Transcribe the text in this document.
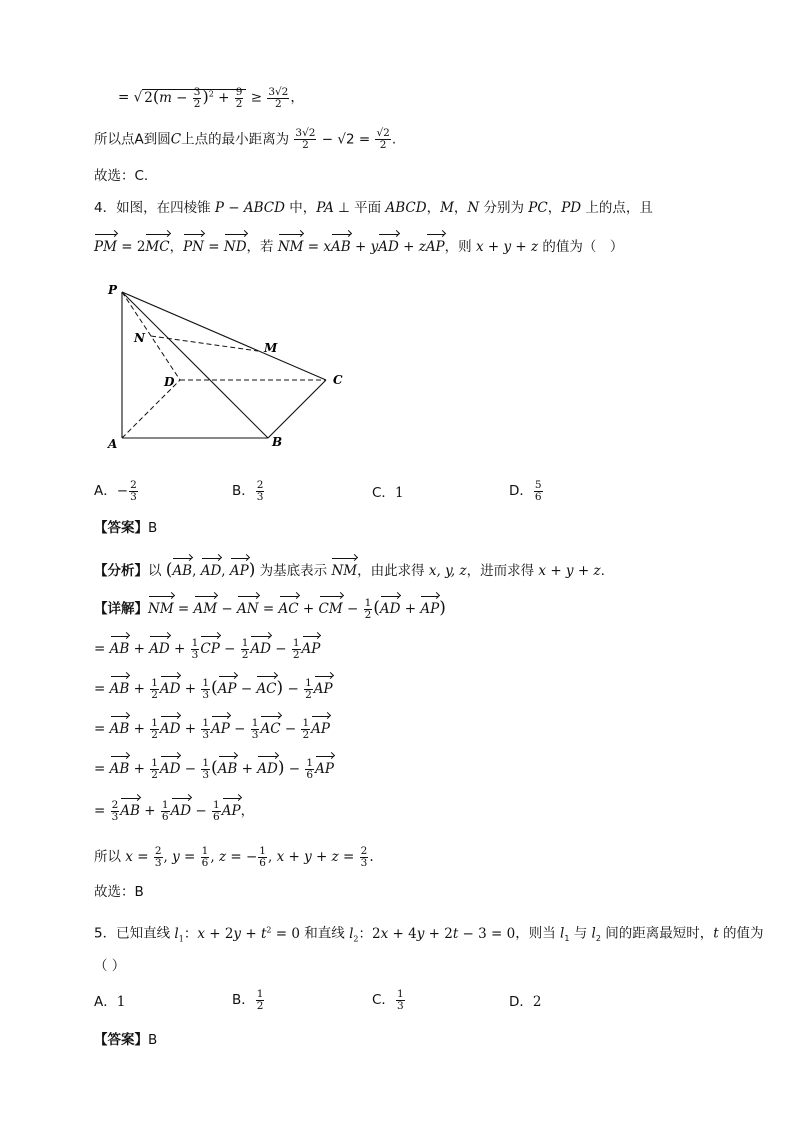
= √ $2(m - \frac{3}{2} )^2 + \frac{9}{2} \ge \frac{3√2}{2}$ ，
所以点A到圆C上点的最小距离为 $\frac{3√2}{2} - √2 = \frac{√2}{2}$ .
故选：C.
4．如图，在四棱锥 P − ABCD 中，PA ⊥ 平面 ABCD，M，N 分别为 PC，PD 上的点，且
PM = 2MC，PN = ND，若 NM = xAB + yAD + zAP，则 x + y + z 的值为（　）
P
N
M
D	C
A	B
A．− $\frac{2}{3}$	B． $\frac{2}{3}$	C．1	D． $\frac{5}{6}$
【答案】B
【分析】以 (AB, AD, AP) 为基底表示 NM，由此求得 x, y, z，进而求得 x + y + z.
【详解】NM = AM − AN = AC + CM − $\frac{1}{2} (AD + AP)$
= AB + AD + $\frac{1}{3}$ CP − $\frac{1}{2}$ AD − $\frac{1}{2}$ AP
= AB + $\frac{1}{2}$ AD + $\frac{1}{3} (AP - AC) - \frac{1}{2}$ AP
= AB + $\frac{1}{2}$ AD + $\frac{1}{3}$ AP − $\frac{1}{3}$ AC − $\frac{1}{2}$ AP
= AB + $\frac{1}{2}$ AD − $\frac{1}{3} (AB + AD) - \frac{1}{6}$ AP
= $\frac{2}{3}$ AB + $\frac{1}{6}$ AD − $\frac{1}{6}$ AP，
所以 $x = \frac{2}{3}$ , $y = \frac{1}{6}$ , z = − $\frac{1}{6}$ , $x + y + z = \frac{2}{3}$ .
故选：B
5．已知直线 $l_1$：$x + 2y + t^2 = 0$ 和直线 $l_2$：2x + 4y + 2t − 3 = 0，则当 $l_1$ 与 $l_2$ 间的距离最短时，t 的值为
（ ）
A．1	B． $\frac{1}{2}$	C． $\frac{1}{3}$	D．2
【答案】B
